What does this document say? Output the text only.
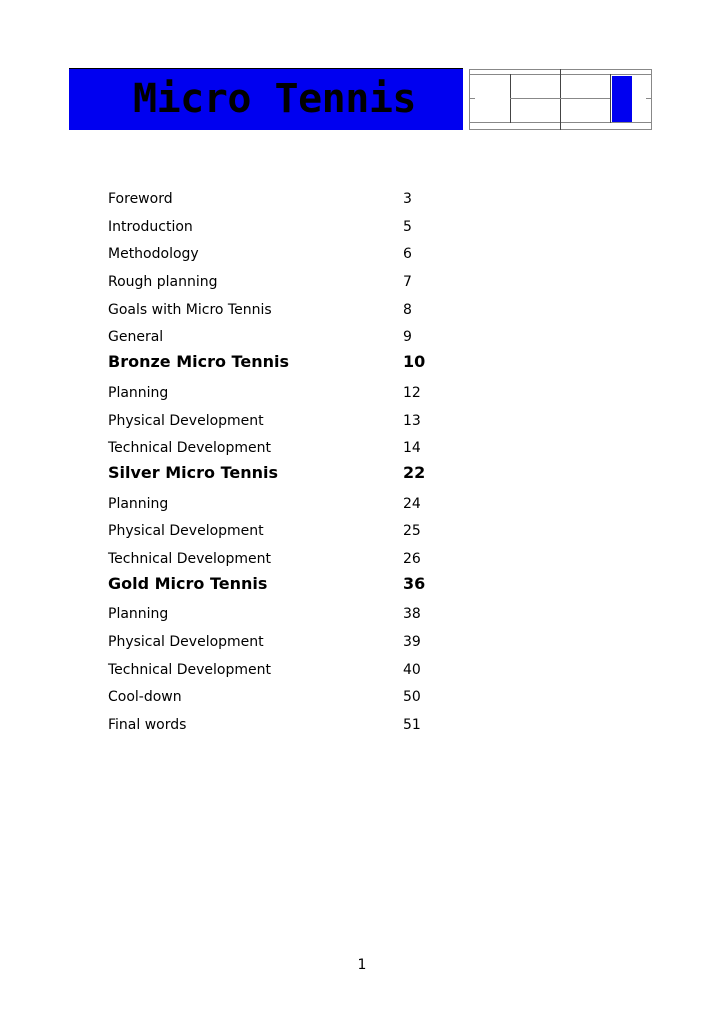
Micro Tennis
Foreword	3
Introduction	5
Methodology	6
Rough planning	7
Goals with Micro Tennis	8
General	9
Bronze Micro Tennis	10
Planning	12
Physical Development	13
Technical Development	14
Silver Micro Tennis	22
Planning	24
Physical Development	25
Technical Development	26
Gold Micro Tennis	36
Planning	38
Physical Development	39
Technical Development	40
Cool-down	50
Final words	51
1
